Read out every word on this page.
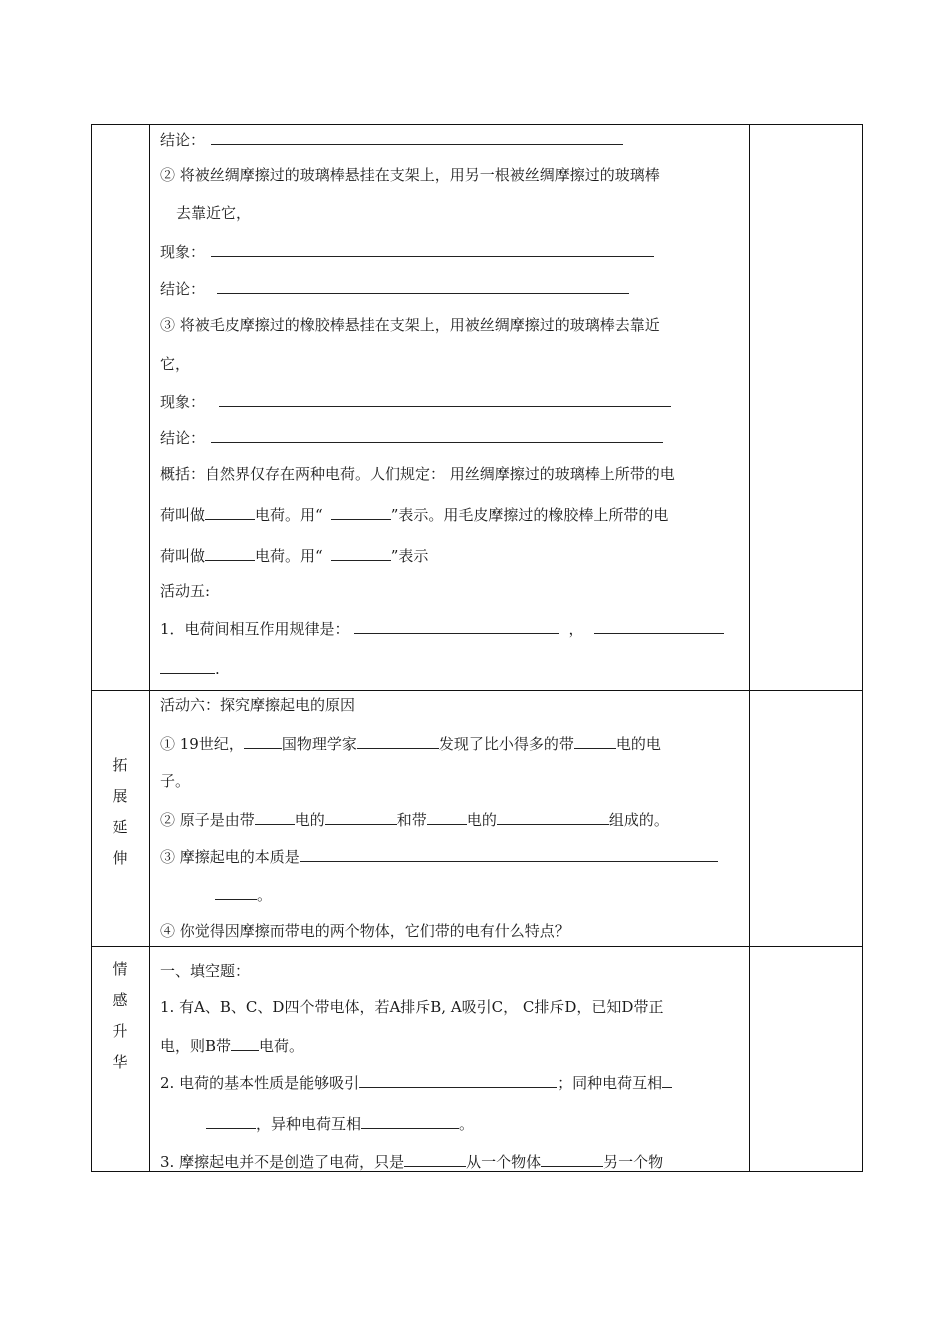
结论：
② 将被丝绸摩擦过的玻璃棒悬挂在支架上，用另一根被丝绸摩擦过的玻璃棒
去靠近它，
现象：
结论：
③ 将被毛皮摩擦过的橡胶棒悬挂在支架上，用被丝绸摩擦过的玻璃棒去靠近
它，
现象：
结论：
概括：自然界仅存在两种电荷。人们规定： 用丝绸摩擦过的玻璃棒上所带的电
荷叫做	电荷。用“	”表示。用毛皮摩擦过的橡胶棒上所带的电
荷叫做	电荷。用“	”表示
活动五:
1．电荷间相互作用规律是：	，
.
拓
展
延
伸
活动六：探究摩擦起电的原因
① 19世纪，	国物理学家	发现了比小得多的带	电的电
子。
② 原子是由带	电的	和带	电的	组成的。
③ 摩擦起电的本质是
。
④ 你觉得因摩擦而带电的两个物体，它们带的电有什么特点？
情
感
升
华
一、填空题：
1. 有A、B、C、D四个带电体，若A排斥B, A吸引C， C排斥D，已知D带正
电，则B带 电荷。
2. 电荷的基本性质是能够吸引	；同种电荷互相
，异种电荷互相	。
3. 摩擦起电并不是创造了电荷，只是	从一个物体	另一个物
